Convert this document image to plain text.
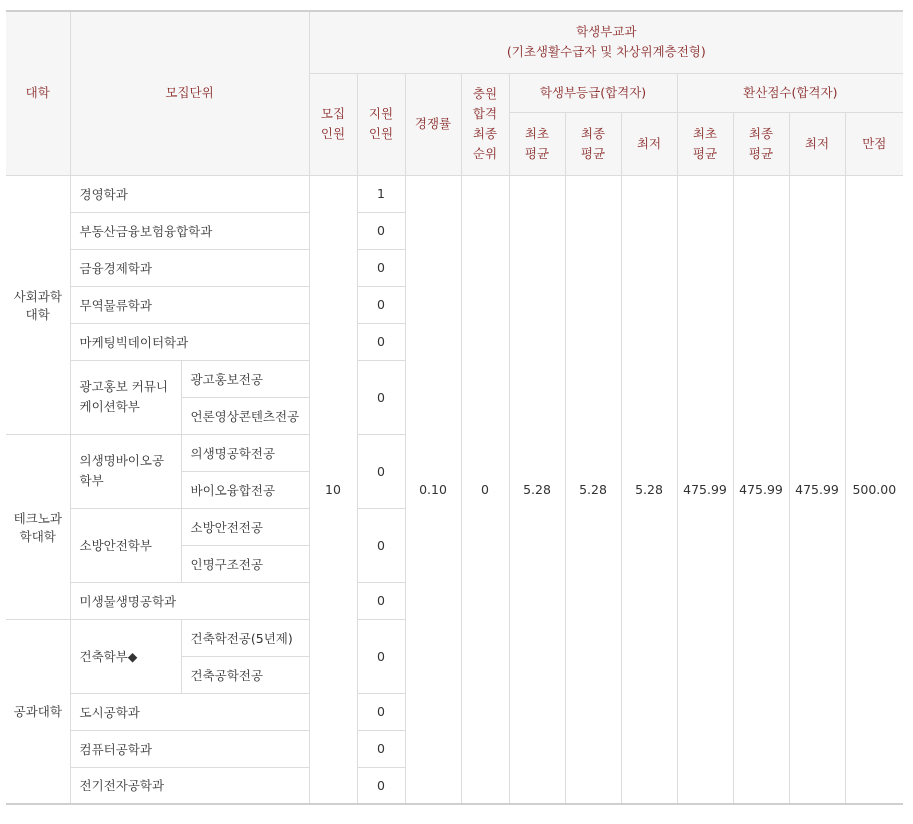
대학	모집단위		학생부교과
(기초생활수급자 및 차상위계층전형)										

			모집 인원	지원 인원	경쟁률	충원 합격 최종 순위	학생부등급(합격자)			환산점수(합격자)			
							최초 평균	최종 평균	최저	최초 평균	최종 평균	최저	만점
사회과학 대학	경영학과		10	1	0.10	0	5.28	5.28	5.28	475.99	475.99	475.99	500.00
	부동산금융보험융합학과			0									
	금융경제학과			0									
	무역물류학과			0									
	마케팅빅데이터학과			0									
	광고홍보 커뮤니케이션학부	광고홍보전공		0									
		언론영상콘텐츠전공											
테크노과 학대학	의생명바이오공학부	의생명공학전공		0									
		바이오융합전공											
	소방안전학부	소방안전전공		0									
		인명구조전공											
	미생물생명공학과			0									
공과대학	건축학부◆	건축학전공(5년제)		0									
		건축공학전공											
	도시공학과			0									
	컴퓨터공학과			0									
	전기전자공학과			0									
